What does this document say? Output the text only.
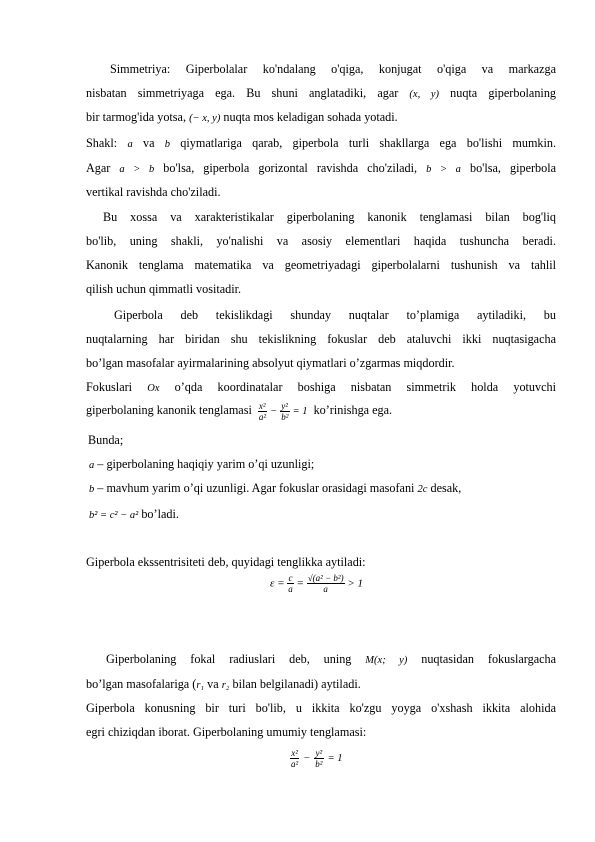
Simmetriya: Giperbolalar ko'ndalang o'qiga, konjugat o'qiga va markazga
nisbatan simmetriyaga ega. Bu shuni anglatadiki, agar (x, y) nuqta giperbolaning
bir tarmog'ida yotsa, (− x, y) nuqta mos keladigan sohada yotadi.
Shakl: a va b qiymatlariga qarab, giperbola turli shakllarga ega bo'lishi mumkin.
Agar a > b bo'lsa, giperbola gorizontal ravishda cho'ziladi, b > a bo'lsa, giperbola
vertikal ravishda cho'ziladi.
Bu xossa va xarakteristikalar giperbolaning kanonik tenglamasi bilan bog'liq
bo'lib, uning shakli, yo'nalishi va asosiy elementlari haqida tushuncha beradi.
Kanonik tenglama matematika va geometriyadagi giperbolalarni tushunish va tahlil
qilish uchun qimmatli vositadir.
Giperbola deb tekislikdagi shunday nuqtalar to’plamiga aytiladiki, bu
nuqtalarning har biridan shu tekislikning fokuslar deb ataluvchi ikki nuqtasigacha
bo’lgan masofalar ayirmalarining absolyut qiymatlari o’zgarmas miqdordir.
Fokuslari Ox o’qda koordinatalar boshiga nisbatan simmetrik holda yotuvchi
giperbolaning kanonik tenglamasi $\frac{\text{x²}}{\text{a²}} - \frac{\text{y²}}{\text{b²}} = 1$ ko’rinishga ega.
Bunda;
a – giperbolaning haqiqiy yarim o’qi uzunligi;
b – mavhum yarim o’qi uzunligi. Agar fokuslar orasidagi masofani 2c desak,
b² = c² − a² bo’ladi.
Giperbola ekssentrisiteti deb, quyidagi tenglikka aytiladi:
$\varepsilon = \frac{c}{a} = \frac{\text{√(a² − b²)}}{a} > 1$
Giperbolaning fokal radiuslari deb, uning M(x; y) nuqtasidan fokuslargacha
bo’lgan masofalariga (r₁ va r₂ bilan belgilanadi) aytiladi.
Giperbola konusning bir turi bo'lib, u ikkita ko'zgu yoyga o'xshash ikkita alohida
egri chiziqdan iborat. Giperbolaning umumiy tenglamasi:
$\frac{\text{x²}}{\text{a²}} - \frac{\text{y²}}{\text{b²}} = 1$
